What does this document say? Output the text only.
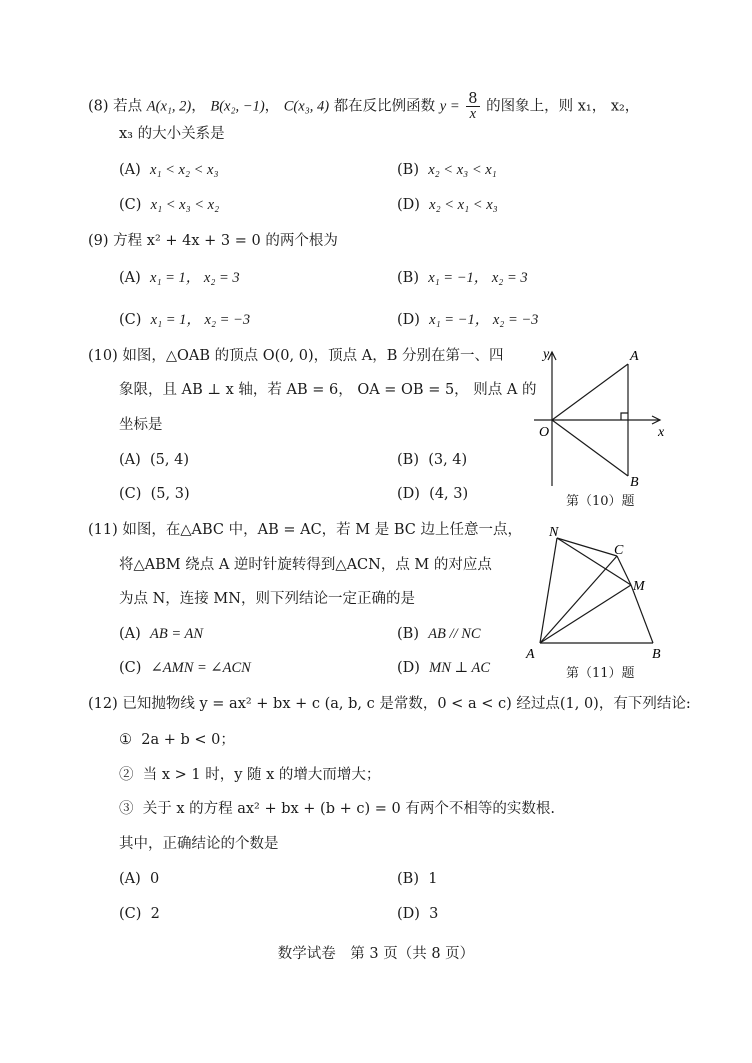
(8) 若点 A(x₁, 2)， B(x₂, −1)， C(x₃, 4) 都在反比例函数 $y = \frac{8}{x}$ 的图象上，则 x₁， x₂，
x₃ 的大小关系是
(A) x₁ < x₂ < x₃	(B) x₂ < x₃ < x₁
(C) x₁ < x₃ < x₂	(D) x₂ < x₁ < x₃
(9) 方程 x² + 4x + 3 = 0 的两个根为
(A) x₁ = 1， x₂ = 3	(B) x₁ = −1， x₂ = 3
(C) x₁ = 1， x₂ = −3	(D) x₁ = −1， x₂ = −3
(10) 如图，△OAB 的顶点 O(0, 0)，顶点 A，B 分别在第一、四
象限，且 AB ⊥ x 轴，若 AB = 6， OA = OB = 5， 则点 A 的
坐标是
(A) (5, 4)	(B) (3, 4)
(C) (5, 3)	(D) (4, 3)
y
x
O
A
B
第（10）题
(11) 如图，在△ABC 中，AB = AC，若 M 是 BC 边上任意一点，
将△ABM 绕点 A 逆时针旋转得到△ACN，点 M 的对应点
为点 N，连接 MN，则下列结论一定正确的是
(A) AB = AN	(B) AB // NC
(C) ∠AMN = ∠ACN	(D) MN ⊥ AC
N
C
M
A	B
第（11）题
(12) 已知抛物线 y = ax² + bx + c (a, b, c 是常数，0 < a < c) 经过点(1, 0)，有下列结论:
① 2a + b < 0；
② 当 x > 1 时，y 随 x 的增大而增大；
③ 关于 x 的方程 ax² + bx + (b + c) = 0 有两个不相等的实数根.
其中，正确结论的个数是
(A) 0	(B) 1
(C) 2	(D) 3
数学试卷　第 3 页（共 8 页）
